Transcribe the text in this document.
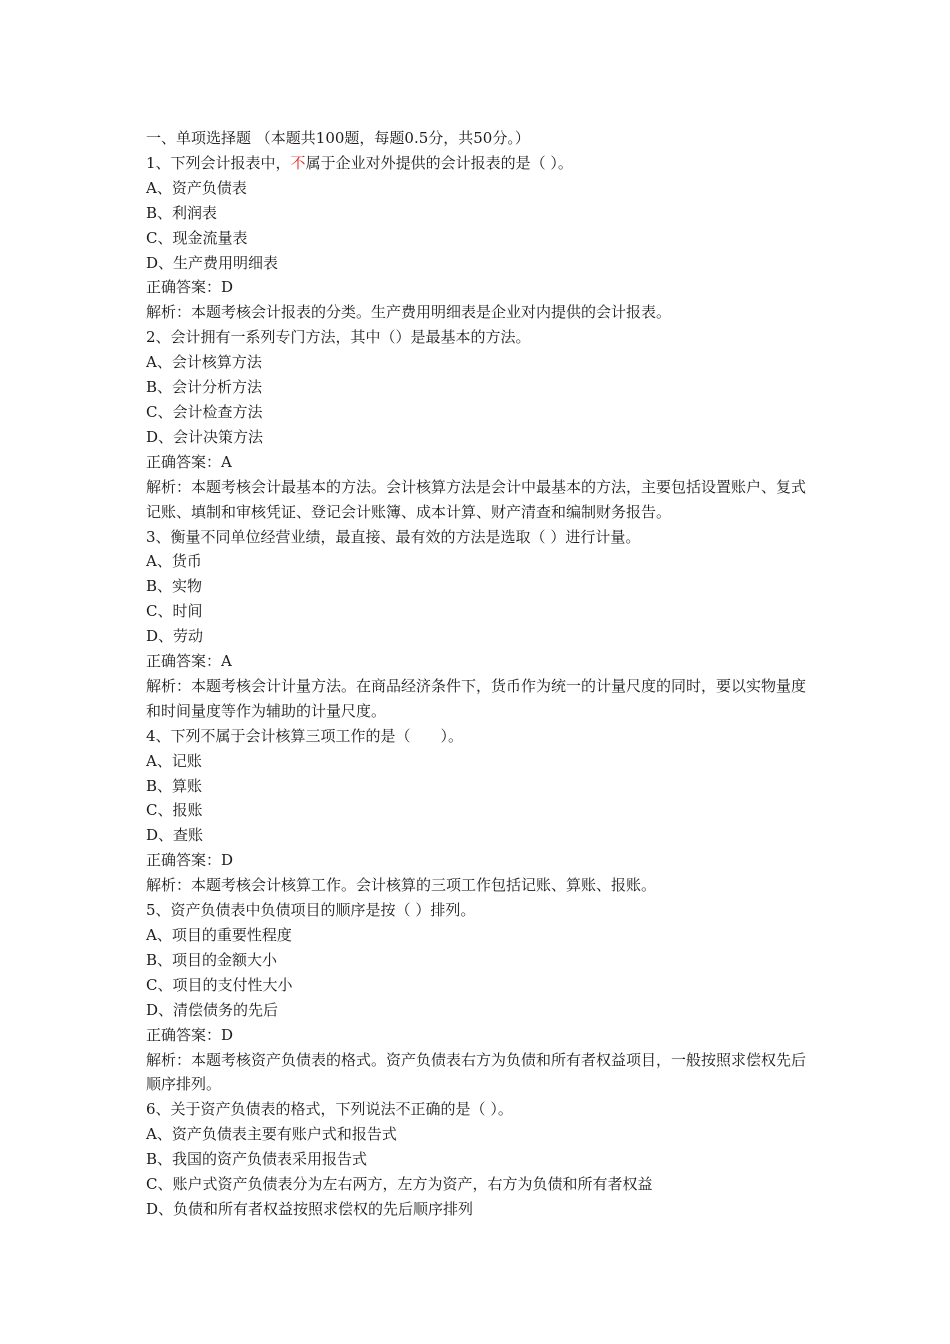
一、单项选择题 （本题共100题，每题0.5分，共50分。）

1、下列会计报表中，不属于企业对外提供的会计报表的是（ ）。

A、资产负债表

B、利润表

C、现金流量表

D、生产费用明细表

正确答案：D

解析：本题考核会计报表的分类。生产费用明细表是企业对内提供的会计报表。

2、会计拥有一系列专门方法，其中（）是最基本的方法。

A、会计核算方法

B、会计分析方法

C、会计检查方法

D、会计决策方法

正确答案：A

解析：本题考核会计最基本的方法。会计核算方法是会计中最基本的方法，主要包括设置账户、复式记账、填制和审核凭证、登记会计账簿、成本计算、财产清查和编制财务报告。

3、衡量不同单位经营业绩，最直接、最有效的方法是选取（ ）进行计量。

A、货币

B、实物

C、时间

D、劳动

正确答案：A

解析：本题考核会计计量方法。在商品经济条件下，货币作为统一的计量尺度的同时，要以实物量度和时间量度等作为辅助的计量尺度。

4、下列不属于会计核算三项工作的是（　　）。

A、记账

B、算账

C、报账

D、查账

正确答案：D

解析：本题考核会计核算工作。会计核算的三项工作包括记账、算账、报账。

5、资产负债表中负债项目的顺序是按（ ）排列。

A、项目的重要性程度

B、项目的金额大小

C、项目的支付性大小

D、清偿债务的先后

正确答案：D

解析：本题考核资产负债表的格式。资产负债表右方为负债和所有者权益项目，一般按照求偿权先后顺序排列。

6、关于资产负债表的格式，下列说法不正确的是（ ）。

A、资产负债表主要有账户式和报告式

B、我国的资产负债表采用报告式

C、账户式资产负债表分为左右两方，左方为资产，右方为负债和所有者权益

D、负债和所有者权益按照求偿权的先后顺序排列
